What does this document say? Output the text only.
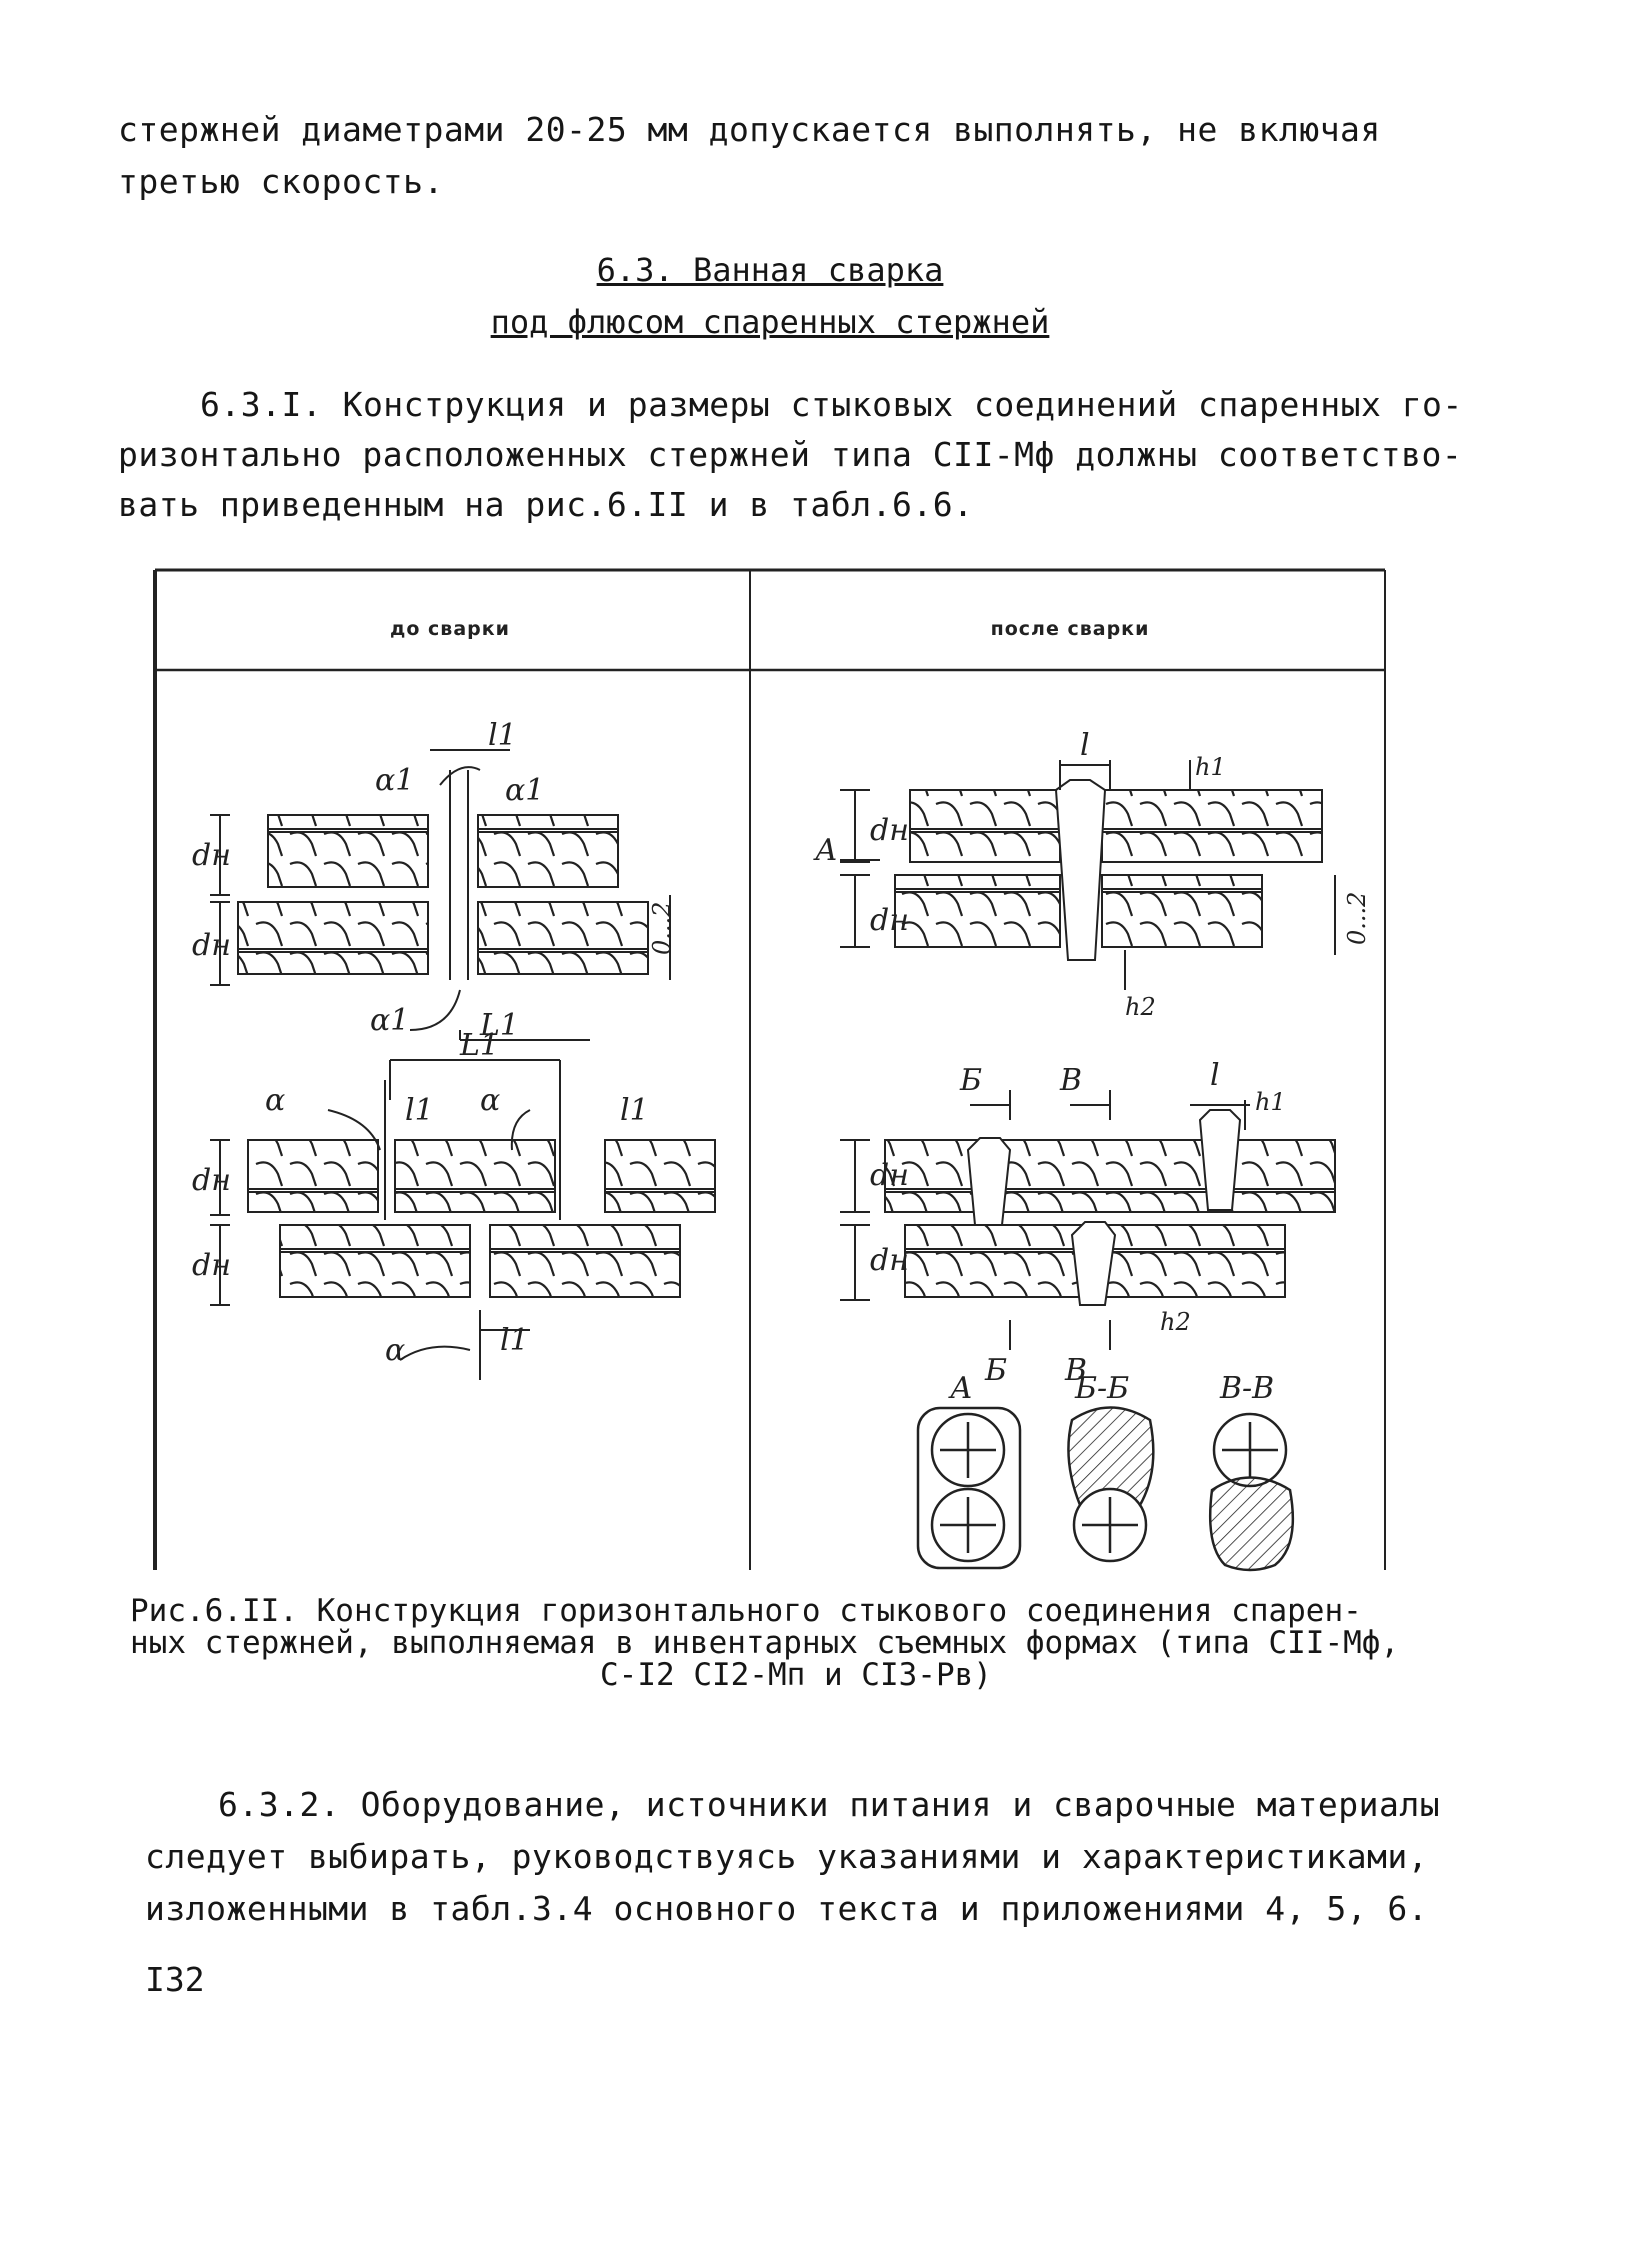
стержней диаметрами 20-25 мм допускается выполнять, не включая
третью скорость.
6.3. Ванная сварка
под флюсом спаренных стержней
6.3.I. Конструкция и размеры стыковых соединений спаренных го-
ризонтально расположенных стержней типа СII-Мф должны соответство-
вать приведенным на рис.6.II и в табл.6.6.
до сварки	после сварки
dн
dн
l1
α1	α1
α1 L1
0...2
L1
α	α
l1	l1
dн
dн
α	l1
А
dн
dн
l
h1
h2
0...2
Б	В	l
h1
dн
dн
Б В
h2
А	Б-Б	В-В
Рис.6.II. Конструкция горизонтального стыкового соединения спарен-
ных стержней, выполняемая в инвентарных съемных формах (типа СII-Мф,
С-I2 СI2-Мп и СI3-Рв)
6.3.2. Оборудование, источники питания и сварочные материалы
следует выбирать, руководствуясь указаниями и характеристиками,
изложенными в табл.3.4 основного текста и приложениями 4, 5, 6.
I32
